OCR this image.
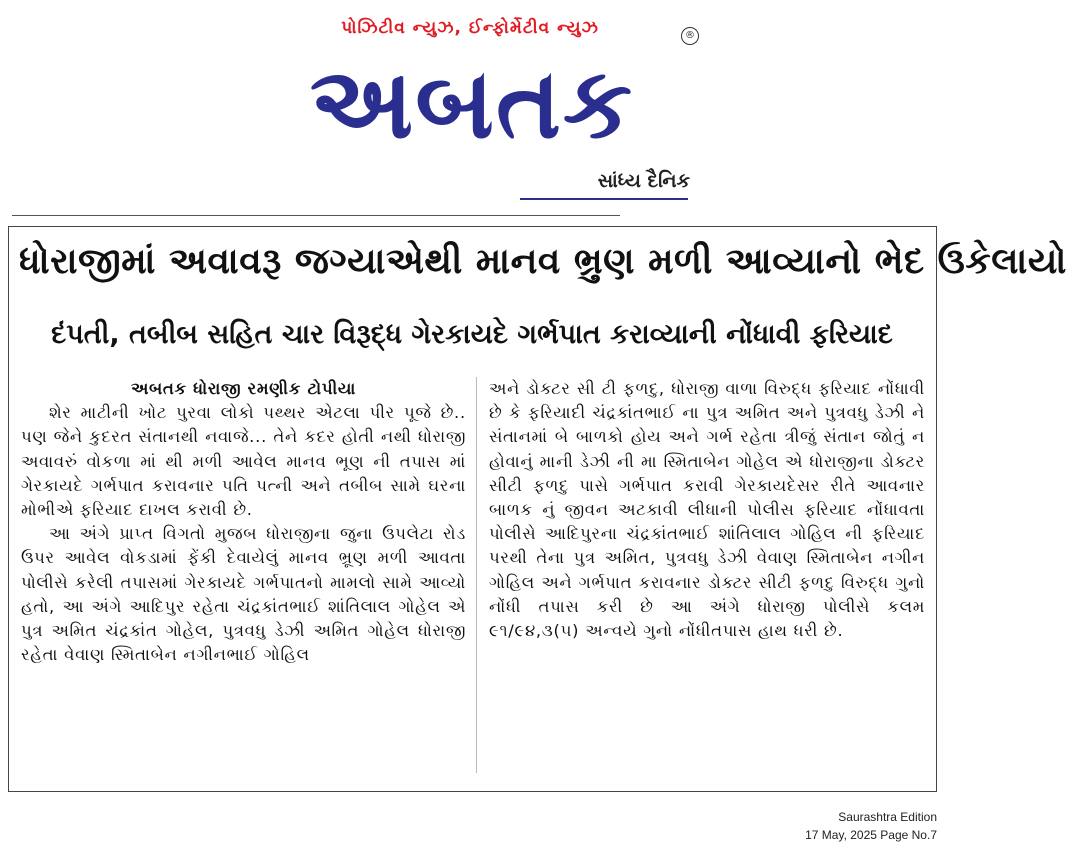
પોઝિટીવ ન્યુઝ, ઈન્ફોર્મેટીવ ન્યુઝ	®
અબતક
સાંધ્ય દૈનિક
ધોરાજીમાં અવાવરૂ જગ્યાએથી માનવ ભ્રુણ મળી આવ્યાનો ભેદ ઉકેલાયો
દંપતી, તબીબ સહિત ચાર વિરૂદ્ધ ગેરકાયદે ગર્ભપાત કરાવ્યાની નોંધાવી ફરિયાદ
અબતક ધોરાજી રમણીક ટોપીયા
શેર માટીની ખોટ પુરવા લોકો પથ્થર એટલા પીર પૂજે છે.. પણ જેને કુદરત સંતાનથી નવાજે... તેને કદર હોતી નથી ધોરાજી અવાવરું વોકળા માં થી મળી આવેલ માનવ ભૂણ ની તપાસ માં ગેરકાયદે ગર્ભપાત કરાવનાર પતિ પત્ની અને તબીબ સામે ઘરના મોભીએ ફરિયાદ દાખલ કરાવી છે.
આ અંગે પ્રાપ્ત વિગતો મુજબ ધોરાજીના જુના ઉપલેટા રોડ ઉપર આવેલ વોકડામાં ફેંકી દેવાયેલું માનવ ભ્રૂણ મળી આવતા પોલીસે કરેલી તપાસમાં ગેરકાયદે ગર્ભપાતનો મામલો સામે આવ્યો હતો, આ અંગે આદિપુર રહેતા ચંદ્રકાંતભાઈ શાંતિલાલ ગોહેલ એ પુત્ર અમિત ચંદ્રકાંત ગોહેલ, પુત્રવધુ ડેઝી અમિત ગોહેલ ધોરાજી રહેતા વેવાણ સ્મિતાબેન નગીનભાઈ ગોહિલ
અને ડોક્ટર સી ટી ફળદુ, ધોરાજી વાળા વિરુદ્ધ ફરિયાદ નોંધાવી છે કે ફરિયાદી ચંદ્રકાંતભાઈ ના પુત્ર અમિત અને પુત્રવધુ ડેઝી ને સંતાનમાં બે બાળકો હોય અને ગર્ભ રહેતા ત્રીજું સંતાન જોતું ન હોવાનું માની ડેઝી ની મા સ્મિતાબેન ગોહેલ એ ધોરાજીના ડોક્ટર સીટી ફળદુ પાસે ગર્ભપાત કરાવી ગેરકાયદેસર રીતે આવનાર બાળક નું જીવન અટકાવી લીધાની પોલીસ ફરિયાદ નોંધાવતા પોલીસે આદિપુરના ચંદ્રકાંતભાઈ શાંતિલાલ ગોહિલ ની ફરિયાદ પરથી તેના પુત્ર અમિત, પુત્રવધુ ડેઝી વેવાણ સ્મિતાબેન નગીન ગોહિલ અને ગર્ભપાત કરાવનાર ડોક્ટર સીટી ફળદુ વિરુદ્ધ ગુનો નોંધી તપાસ કરી છે આ અંગે ધોરાજી પોલીસે કલમ ૯૧/૯૪,૩(૫) અન્વયે ગુનો નોંધીતપાસ હાથ ધરી છે.
Saurashtra Edition
17 May, 2025 Page No.7
